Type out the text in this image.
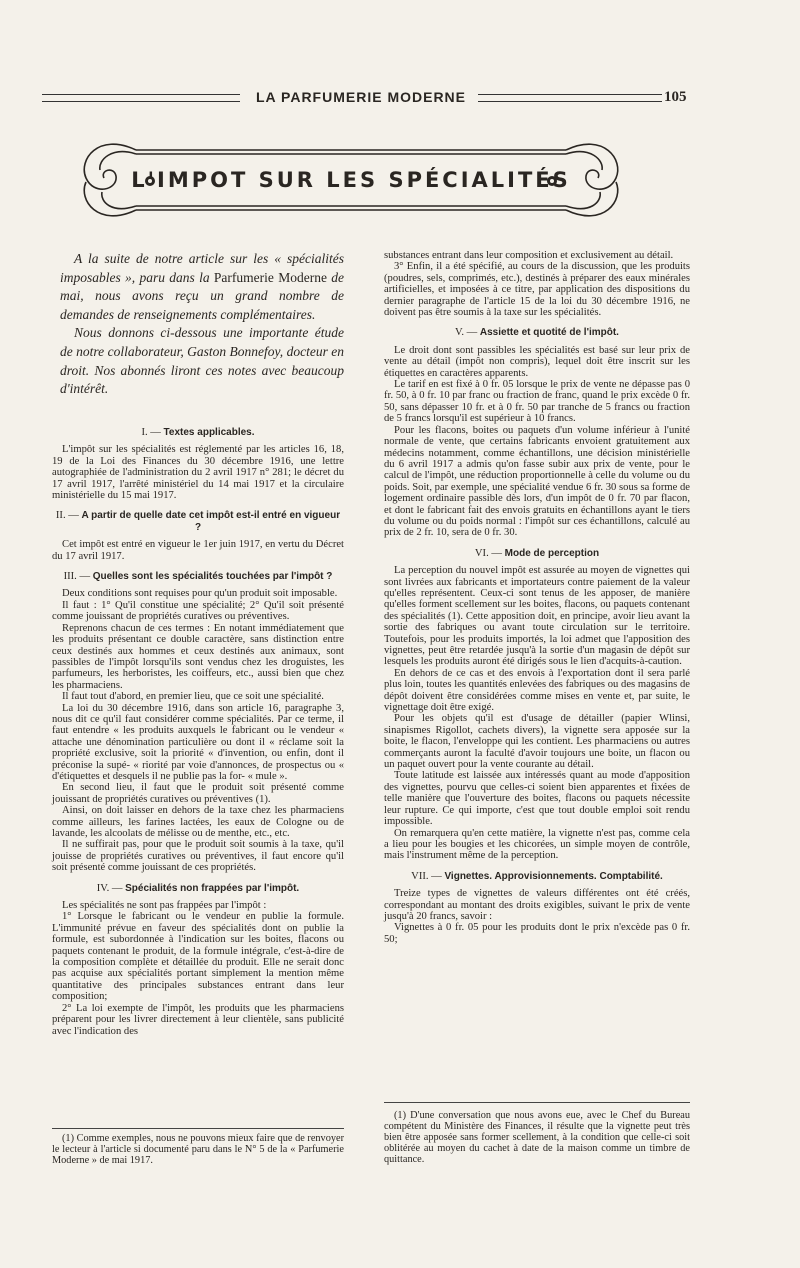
LA PARFUMERIE MODERNE	105
L'IMPOT SUR LES SPÉCIALITÉS

A la suite de notre article sur les « spécialités imposables », paru dans la Parfumerie Moderne de mai, nous avons reçu un grand nombre de demandes de renseignements complémentaires.

Nous donnons ci-dessous une importante étude de notre collaborateur, Gaston Bonnefoy, docteur en droit. Nos abonnés liront ces notes avec beaucoup d'intérêt.

I. — Textes applicables.

L'impôt sur les spécialités est réglementé par les articles 16, 18, 19 de la Loi des Finances du 30 décembre 1916, une lettre autographiée de l'administration du 2 avril 1917 n° 281; le décret du 17 avril 1917, l'arrêté ministériel du 14 mai 1917 et la circulaire ministérielle du 15 mai 1917.

II. — A partir de quelle date cet impôt est-il entré en vigueur ?

Cet impôt est entré en vigueur le 1er juin 1917, en vertu du Décret du 17 avril 1917.

III. — Quelles sont les spécialités touchées par l'impôt ?

Deux conditions sont requises pour qu'un produit soit imposable.

Il faut : 1° Qu'il constitue une spécialité; 2° Qu'il soit présenté comme jouissant de propriétés curatives ou préventives.

Reprenons chacun de ces termes : En notant immédiatement que les produits présentant ce double caractère, sans distinction entre ceux destinés aux hommes et ceux destinés aux animaux, sont passibles de l'impôt lorsqu'ils sont vendus chez les droguistes, les parfumeurs, les herboristes, les coiffeurs, etc., aussi bien que chez les pharmaciens.

Il faut tout d'abord, en premier lieu, que ce soit une spécialité.

La loi du 30 décembre 1916, dans son article 16, paragraphe 3, nous dit ce qu'il faut considérer comme spécialités. Par ce terme, il faut entendre « les produits auxquels le fabricant ou le vendeur « attache une dénomination particulière ou dont il « réclame soit la propriété exclusive, soit la priorité « d'invention, ou enfin, dont il préconise la supé- « riorité par voie d'annonces, de prospectus ou « d'étiquettes et desquels il ne publie pas la for- « mule ».

En second lieu, il faut que le produit soit présenté comme jouissant de propriétés curatives ou préventives (1).

Ainsi, on doit laisser en dehors de la taxe chez les pharmaciens comme ailleurs, les farines lactées, les eaux de Cologne ou de lavande, les alcoolats de mélisse ou de menthe, etc., etc.

Il ne suffirait pas, pour que le produit soit soumis à la taxe, qu'il jouisse de propriétés curatives ou préventives, il faut encore qu'il soit présenté comme jouissant de ces propriétés.

IV. — Spécialités non frappées par l'impôt.

Les spécialités ne sont pas frappées par l'impôt :

1° Lorsque le fabricant ou le vendeur en publie la formule. L'immunité prévue en faveur des spécialités dont on publie la formule, est subordonnée à l'indication sur les boites, flacons ou paquets contenant le produit, de la formule intégrale, c'est-à-dire de la composition complète et détaillée du produit. Elle ne serait donc pas acquise aux spécialités portant simplement la mention même quantitative des principales substances entrant dans leur composition;

2° La loi exempte de l'impôt, les produits que les pharmaciens préparent pour les livrer directement à leur clientèle, sans publicité avec l'indication des

(1) Comme exemples, nous ne pouvons mieux faire que de renvoyer le lecteur à l'article si documenté paru dans le N° 5 de la « Parfumerie Moderne » de mai 1917.

substances entrant dans leur composition et exclusivement au détail.

3° Enfin, il a été spécifié, au cours de la discussion, que les produits (poudres, sels, comprimés, etc.), destinés à préparer des eaux minérales artificielles, et imposées à ce titre, par application des dispositions du dernier paragraphe de l'article 15 de la loi du 30 décembre 1916, ne doivent pas être soumis à la taxe sur les spécialités.

V. — Assiette et quotité de l'impôt.

Le droit dont sont passibles les spécialités est basé sur leur prix de vente au détail (impôt non compris), lequel doit être inscrit sur les étiquettes en caractères apparents.

Le tarif en est fixé à 0 fr. 05 lorsque le prix de vente ne dépasse pas 0 fr. 50, à 0 fr. 10 par franc ou fraction de franc, quand le prix excède 0 fr. 50, sans dépasser 10 fr. et à 0 fr. 50 par tranche de 5 francs ou fraction de 5 francs lorsqu'il est supérieur à 10 francs.

Pour les flacons, boites ou paquets d'un volume inférieur à l'unité normale de vente, que certains fabricants envoient gratuitement aux médecins notamment, comme échantillons, une décision ministérielle du 6 avril 1917 a admis qu'on fasse subir aux prix de vente, pour le calcul de l'impôt, une réduction proportionnelle à celle du volume ou du poids. Soit, par exemple, une spécialité vendue 6 fr. 30 sous sa forme de logement ordinaire passible dès lors, d'un impôt de 0 fr. 70 par flacon, et dont le fabricant fait des envois gratuits en échantillons ayant le tiers du volume ou du poids normal : l'impôt sur ces échantillons, calculé au prix de 2 fr. 10, sera de 0 fr. 30.

VI. — Mode de perception

La perception du nouvel impôt est assurée au moyen de vignettes qui sont livrées aux fabricants et importateurs contre paiement de la valeur qu'elles représentent. Ceux-ci sont tenus de les apposer, de manière qu'elles forment scellement sur les boites, flacons, ou paquets contenant des spécialités (1). Cette apposition doit, en principe, avoir lieu avant la sortie des fabriques ou avant toute circulation sur le territoire. Toutefois, pour les produits importés, la loi admet que l'apposition des vignettes, peut être retardée jusqu'à la sortie d'un magasin de dépôt sur lesquels les produits auront été dirigés sous le lien d'acquits-à-caution.

En dehors de ce cas et des envois à l'exportation dont il sera parlé plus loin, toutes les quantités enlevées des fabriques ou des magasins de dépôt doivent être considérées comme mises en vente et, par suite, le vignettage doit être exigé.

Pour les objets qu'il est d'usage de détailler (papier Wlinsi, sinapismes Rigollot, cachets divers), la vignette sera apposée sur la boite, le flacon, l'enveloppe qui les contient. Les pharmaciens ou autres commerçants auront la faculté d'avoir toujours une boite, un flacon ou un paquet ouvert pour la vente courante au détail.

Toute latitude est laissée aux intéressés quant au mode d'apposition des vignettes, pourvu que celles-ci soient bien apparentes et fixées de telle manière que l'ouverture des boites, flacons ou paquets nécessite leur rupture. Ce qui importe, c'est que tout double emploi soit rendu impossible.

On remarquera qu'en cette matière, la vignette n'est pas, comme cela a lieu pour les bougies et les chicorées, un simple moyen de contrôle, mais l'instrument même de la perception.

VII. — Vignettes. Approvisionnements. Comptabilité.

Treize types de vignettes de valeurs différentes ont été créés, correspondant au montant des droits exigibles, suivant le prix de vente jusqu'à 20 francs, savoir :

Vignettes à 0 fr. 05 pour les produits dont le prix n'excède pas 0 fr. 50;

(1) D'une conversation que nous avons eue, avec le Chef du Bureau compétent du Ministère des Finances, il résulte que la vignette peut très bien être apposée sans former scellement, à la condition que celle-ci soit oblitérée au moyen du cachet à date de la maison comme un timbre de quittance.
